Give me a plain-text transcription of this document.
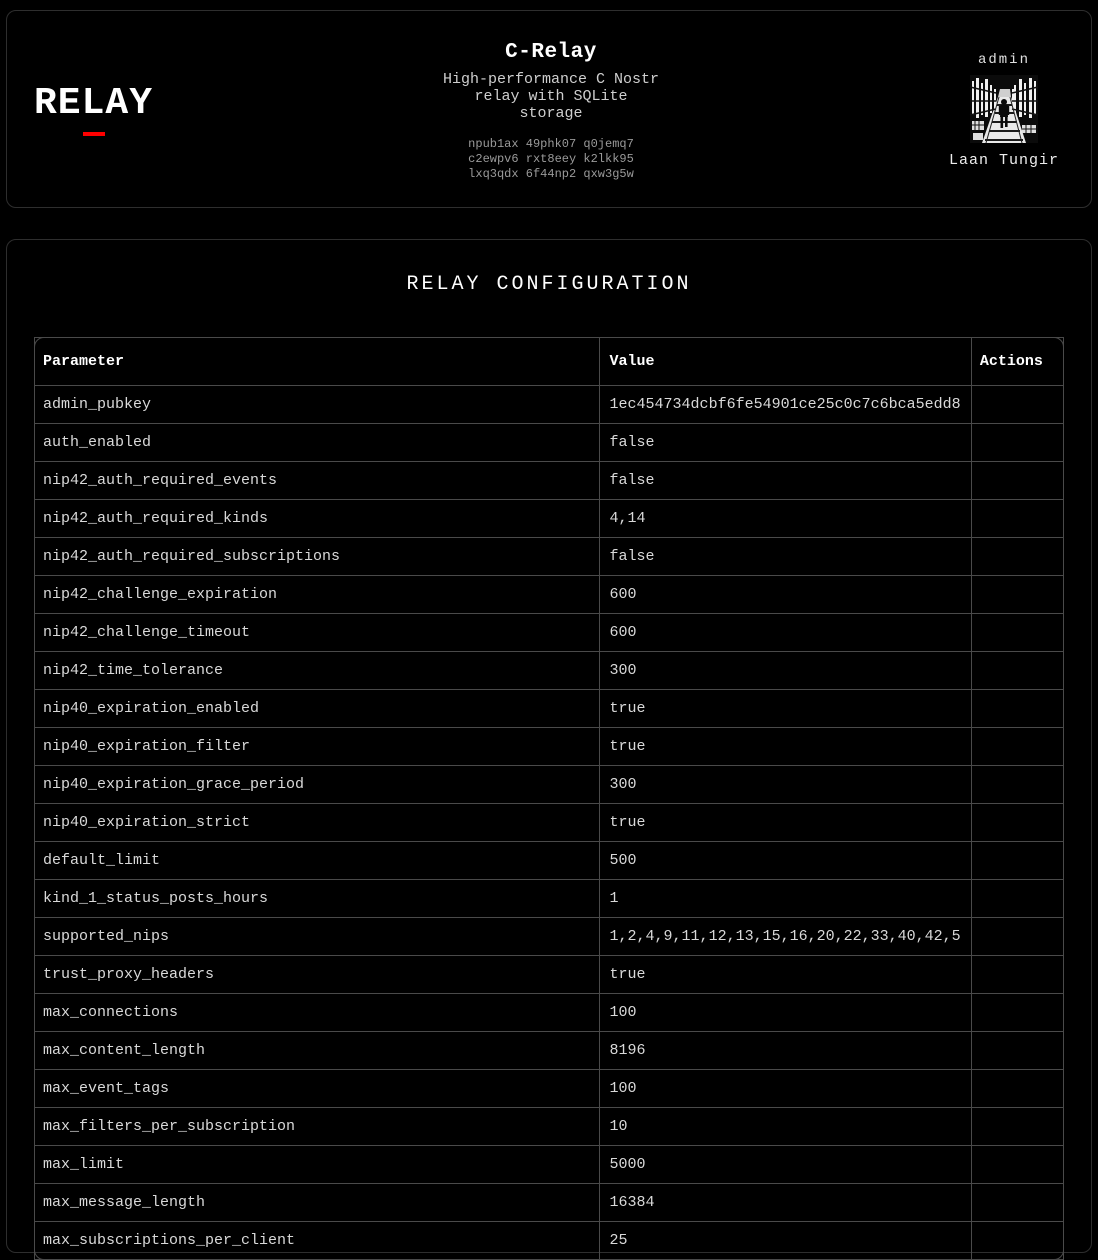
RELAY
C-Relay
High-performance C Nostr
relay with SQLite
storage
npub1ax 49phk07 q0jemq7
c2ewpv6 rxt8eey k2lkk95
lxq3qdx 6f44np2 qxw3g5w
admin
Laan Tungir
RELAY CONFIGURATION
Parameter	Value	Actions
admin_pubkey	1ec454734dcbf6fe54901ce25c0c7c6bca5edd8	
auth_enabled	false	
nip42_auth_required_events	false	
nip42_auth_required_kinds	4,14	
nip42_auth_required_subscriptions	false	
nip42_challenge_expiration	600	
nip42_challenge_timeout	600	
nip42_time_tolerance	300	
nip40_expiration_enabled	true	
nip40_expiration_filter	true	
nip40_expiration_grace_period	300	
nip40_expiration_strict	true	
default_limit	500	
kind_1_status_posts_hours	1	
supported_nips	1,2,4,9,11,12,13,15,16,20,22,33,40,42,5	
trust_proxy_headers	true	
max_connections	100	
max_content_length	8196	
max_event_tags	100	
max_filters_per_subscription	10	
max_limit	5000	
max_message_length	16384	
max_subscriptions_per_client	25	
